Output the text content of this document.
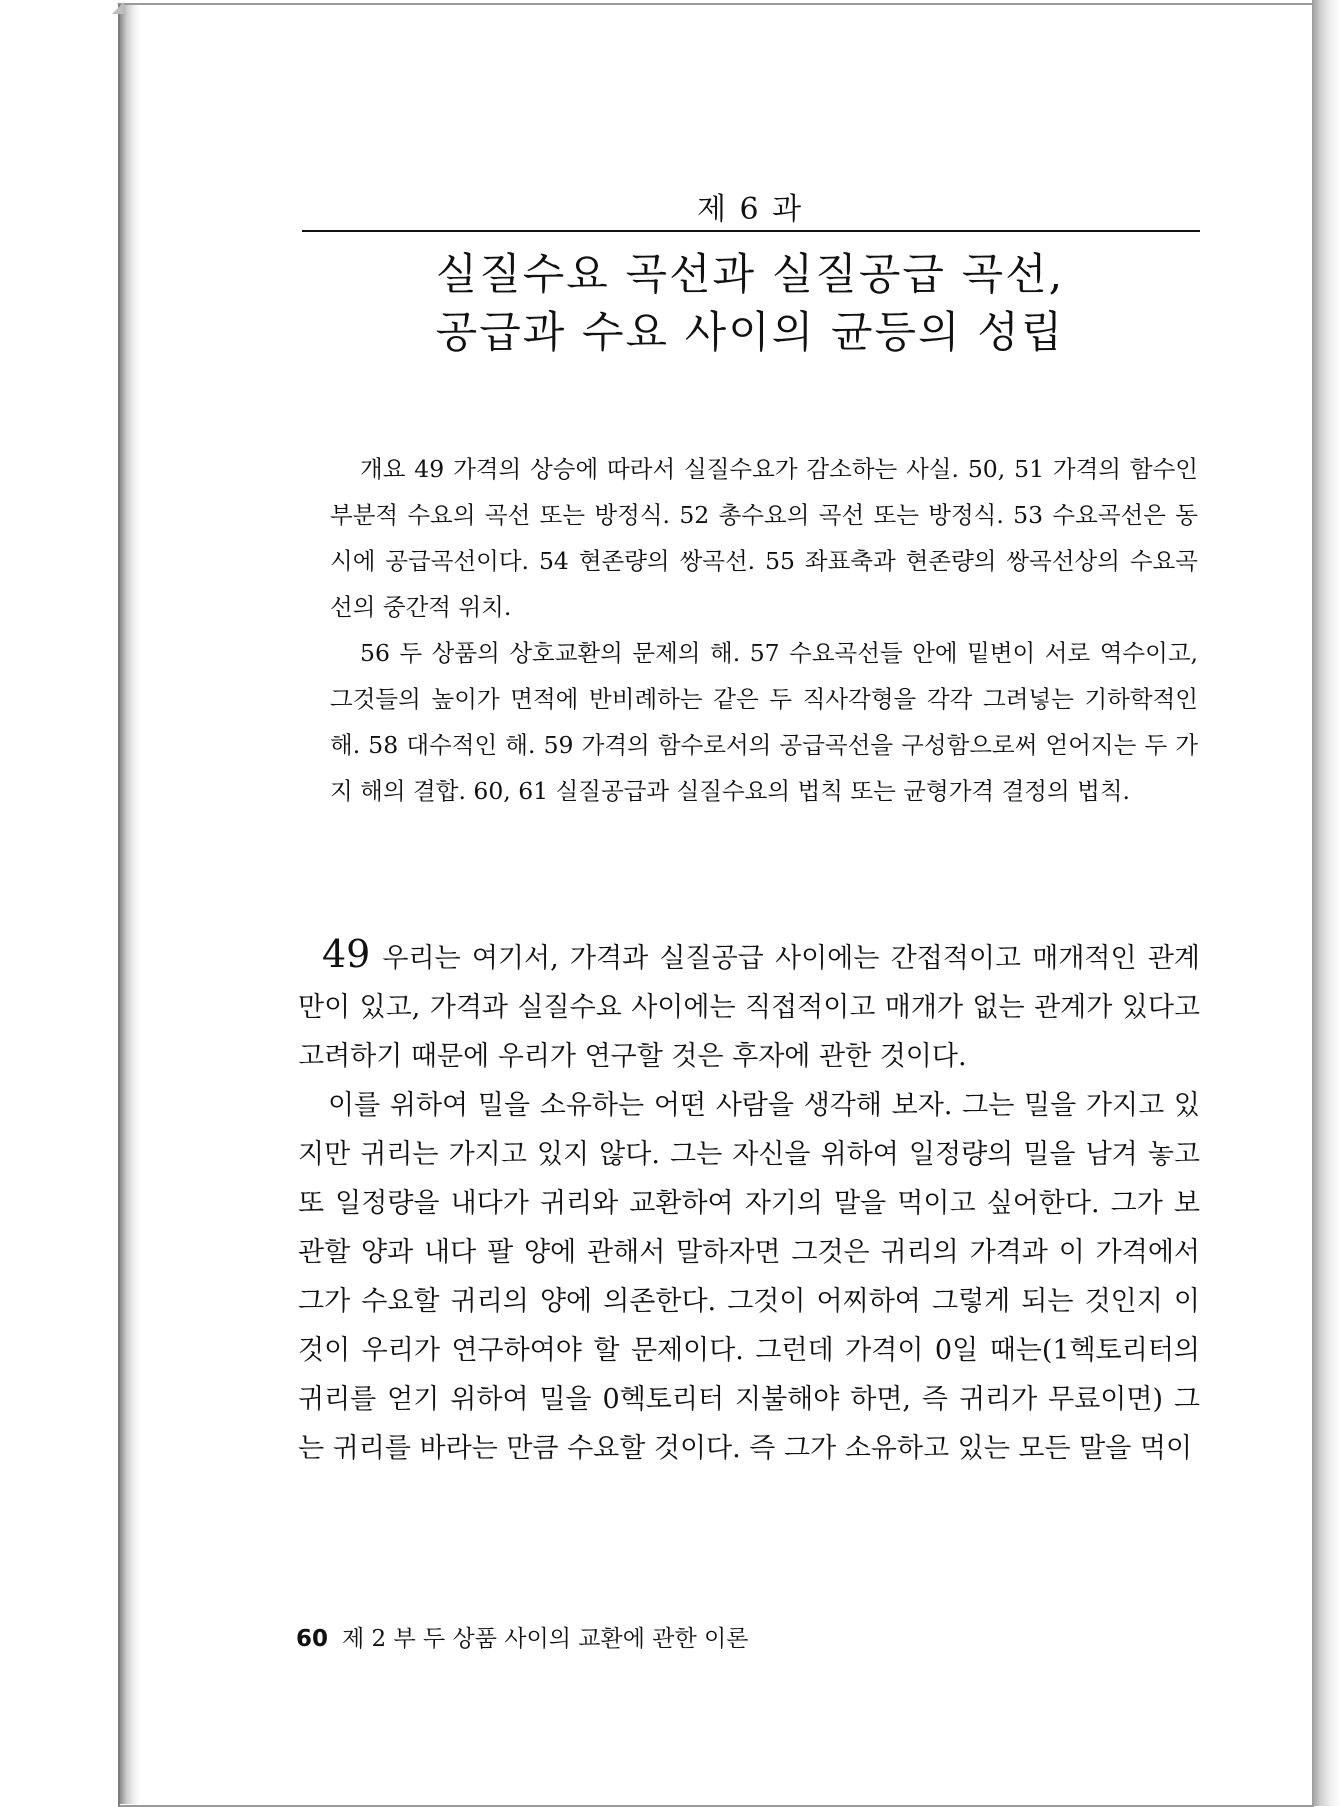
제 6 과
실질수요 곡선과 실질공급 곡선,
공급과 수요 사이의 균등의 성립

개요 49 가격의 상승에 따라서 실질수요가 감소하는 사실. 50, 51 가격의 함수인 부분적 수요의 곡선 또는 방정식. 52 총수요의 곡선 또는 방정식. 53 수요곡선은 동시에 공급곡선이다. 54 현존량의 쌍곡선. 55 좌표축과 현존량의 쌍곡선상의 수요곡선의 중간적 위치.

56 두 상품의 상호교환의 문제의 해. 57 수요곡선들 안에 밑변이 서로 역수이고, 그것들의 높이가 면적에 반비례하는 같은 두 직사각형을 각각 그려넣는 기하학적인 해. 58 대수적인 해. 59 가격의 함수로서의 공급곡선을 구성함으로써 얻어지는 두 가지 해의 결합. 60, 61 실질공급과 실질수요의 법칙 또는 균형가격 결정의 법칙.

49 우리는 여기서, 가격과 실질공급 사이에는 간접적이고 매개적인 관계만이 있고, 가격과 실질수요 사이에는 직접적이고 매개가 없는 관계가 있다고 고려하기 때문에 우리가 연구할 것은 후자에 관한 것이다.

이를 위하여 밀을 소유하는 어떤 사람을 생각해 보자. 그는 밀을 가지고 있지만 귀리는 가지고 있지 않다. 그는 자신을 위하여 일정량의 밀을 남겨 놓고 또 일정량을 내다가 귀리와 교환하여 자기의 말을 먹이고 싶어한다. 그가 보관할 양과 내다 팔 양에 관해서 말하자면 그것은 귀리의 가격과 이 가격에서 그가 수요할 귀리의 양에 의존한다. 그것이 어찌하여 그렇게 되는 것인지 이것이 우리가 연구하여야 할 문제이다. 그런데 가격이 0일 때는(1헥토리터의 귀리를 얻기 위하여 밀을 0헥토리터 지불해야 하면, 즉 귀리가 무료이면) 그는 귀리를 바라는 만큼 수요할 것이다. 즉 그가 소유하고 있는 모든 말을 먹이

60 제 2 부 두 상품 사이의 교환에 관한 이론
